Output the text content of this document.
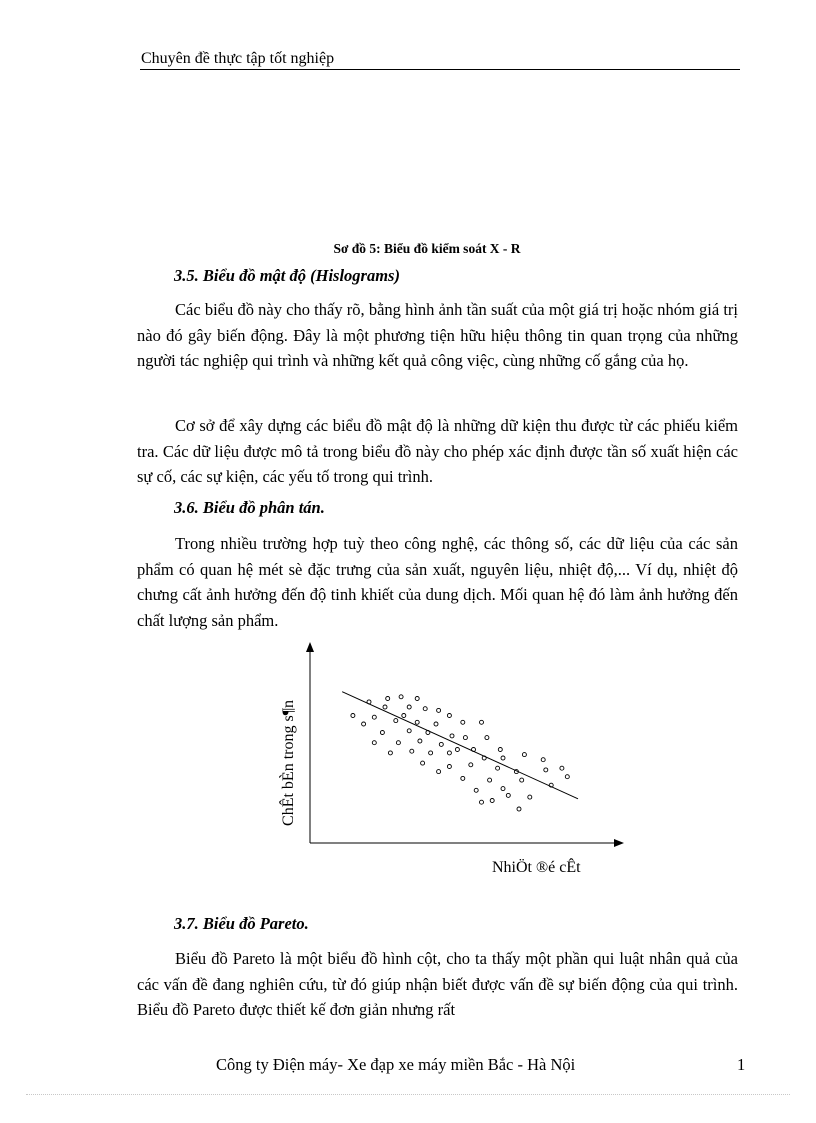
Chuyên đề thực tập tốt nghiệp
Sơ đồ 5: Biểu đồ kiểm soát X - R
3.5. Biểu đồ mật độ (Hislograms)

Các biểu đồ này cho thấy rõ, bằng hình ảnh tần suất của một giá trị hoặc nhóm giá trị nào đó gây biến động. Đây là một phương tiện hữu hiệu thông tin quan trọng của những người tác nghiệp qui trình và những kết quả công việc, cùng những cố gắng của họ.

Cơ sở để xây dựng các biểu đồ mật độ là những dữ kiện thu được từ các phiếu kiểm tra. Các dữ liệu được mô tả trong biểu đồ này cho phép xác định được tần số xuất hiện các sự cố, các sự kiện, các yếu tố trong qui trình.

3.6. Biểu đồ phân tán.

Trong nhiều trường hợp tuỳ theo công nghệ, các thông số, các dữ liệu của các sản phẩm có quan hệ mét sè đặc trưng của sản xuất, nguyên liệu, nhiệt độ,... Ví dụ, nhiệt độ chưng cất ảnh hưởng đến độ tinh khiết của dung dịch. Mối quan hệ đó làm ảnh hưởng đến chất lượng sản phẩm.

ChÊt bÈn trong s¶n
NhiÖt ®é cÊt
3.7. Biểu đồ Pareto.

Biểu đồ Pareto là một biểu đồ hình cột, cho ta thấy một phần qui luật nhân quả của các vấn đề đang nghiên cứu, từ đó giúp nhận biết được vấn đề sự biến động của qui trình. Biểu đồ Pareto được thiết kế đơn giản nhưng rất

Công ty Điện máy- Xe đạp xe máy miền Bắc - Hà Nội	1
